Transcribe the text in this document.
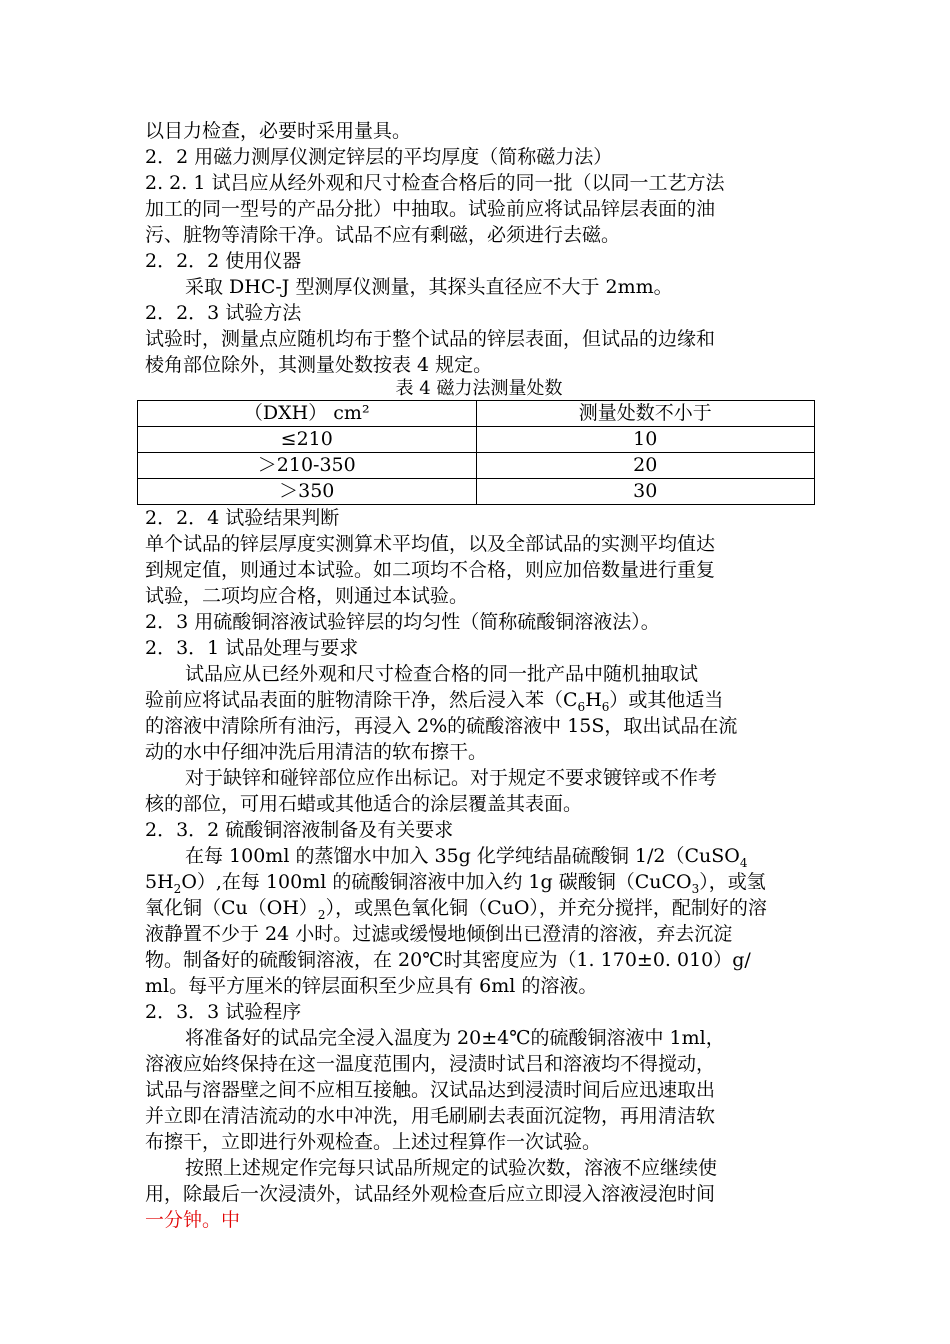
以目力检查，必要时采用量具。
2．2 用磁力测厚仪测定锌层的平均厚度（简称磁力法）
2. 2. 1 试吕应从经外观和尺寸检查合格后的同一批（以同一工艺方法
加工的同一型号的产品分批）中抽取。试验前应将试品锌层表面的油
污、脏物等清除干净。试品不应有剩磁，必须进行去磁。
2．2．2 使用仪器
采取 DHC-J 型测厚仪测量，其探头直径应不大于 2mm。
2．2．3 试验方法
试验时，测量点应随机均布于整个试品的锌层表面，但试品的边缘和
棱角部位除外，其测量处数按表 4 规定。
表 4 磁力法测量处数
（DXH） cm²	测量处数不小于
≤210	10
＞210-350	20
＞350	30
2．2．4 试验结果判断
单个试品的锌层厚度实测算术平均值，以及全部试品的实测平均值达
到规定值，则通过本试验。如二项均不合格，则应加倍数量进行重复
试验，二项均应合格，则通过本试验。
2．3 用硫酸铜溶液试验锌层的均匀性（简称硫酸铜溶液法）。
2．3．1 试品处理与要求
试品应从已经外观和尺寸检查合格的同一批产品中随机抽取试
验前应将试品表面的脏物清除干净，然后浸入苯$(C_6H_6)$或其他适当
的溶液中清除所有油污，再浸入 2%的硫酸溶液中 15S，取出试品在流
动的水中仔细冲洗后用清洁的软布擦干。
对于缺锌和碰锌部位应作出标记。对于规定不要求镀锌或不作考
核的部位，可用石蜡或其他适合的涂层覆盖其表面。
2．3．2 硫酸铜溶液制备及有关要求
在每 100ml 的蒸馏水中加入 35g 化学纯结晶硫酸铜 1/2（CuSO$_4$
$5H_2O$）,在每 100ml 的硫酸铜溶液中加入约 1g 碳酸铜（CuCO$_3$），或氢
氧化铜$(Cu(OH)_2)$，或黑色氧化铜（CuO），并充分搅拌，配制好的溶
液静置不少于 24 小时。过滤或缓慢地倾倒出已澄清的溶液，弃去沉淀
物。制备好的硫酸铜溶液，在 20℃时其密度应为（1. 170±0. 010）g/
ml。每平方厘米的锌层面积至少应具有 6ml 的溶液。
2．3．3 试验程序
将准备好的试品完全浸入温度为 20±4℃的硫酸铜溶液中 1ml，
溶液应始终保持在这一温度范围内，浸渍时试吕和溶液均不得搅动，
试品与溶器壁之间不应相互接触。汉试品达到浸渍时间后应迅速取出
并立即在清洁流动的水中冲洗，用毛刷刷去表面沉淀物，再用清洁软
布擦干，立即进行外观检查。上述过程算作一次试验。
按照上述规定作完每只试品所规定的试验次数，溶液不应继续使
用，除最后一次浸渍外，试品经外观检查后应立即浸入溶液浸泡时间
一分钟。中
